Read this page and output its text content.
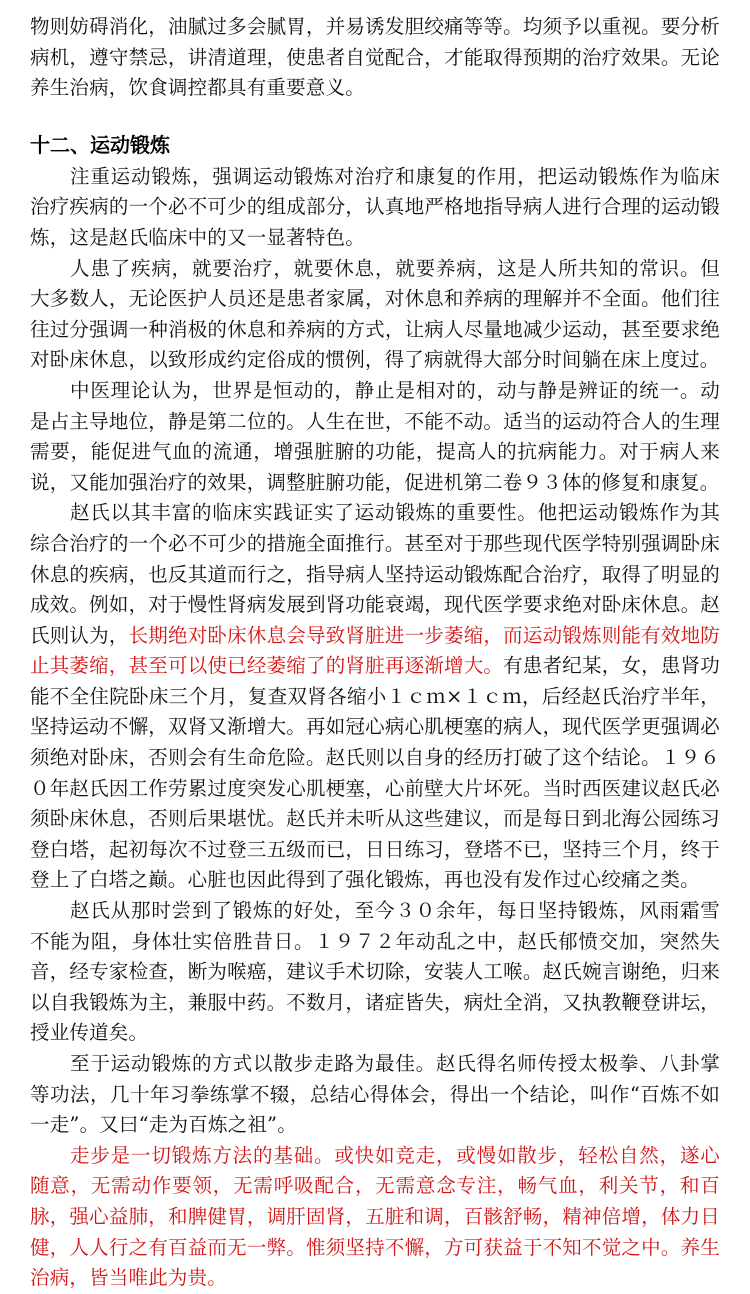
物则妨碍消化，油腻过多会腻胃，并易诱发胆绞痛等等。均须予以重视。要分析病机，遵守禁忌，讲清道理，使患者自觉配合，才能取得预期的治疗效果。无论养生治病，饮食调控都具有重要意义。

十二、运动锻炼

注重运动锻炼，强调运动锻炼对治疗和康复的作用，把运动锻炼作为临床治疗疾病的一个必不可少的组成部分，认真地严格地指导病人进行合理的运动锻炼，这是赵氏临床中的又一显著特色。

人患了疾病，就要治疗，就要休息，就要养病，这是人所共知的常识。但大多数人，无论医护人员还是患者家属，对休息和养病的理解并不全面。他们往往过分强调一种消极的休息和养病的方式，让病人尽量地减少运动，甚至要求绝对卧床休息，以致形成约定俗成的惯例，得了病就得大部分时间躺在床上度过。

中医理论认为，世界是恒动的，静止是相对的，动与静是辨证的统一。动是占主导地位，静是第二位的。人生在世，不能不动。适当的运动符合人的生理需要，能促进气血的流通，增强脏腑的功能，提高人的抗病能力。对于病人来说，又能加强治疗的效果，调整脏腑功能，促进机第二卷９３体的修复和康复。

赵氏以其丰富的临床实践证实了运动锻炼的重要性。他把运动锻炼作为其综合治疗的一个必不可少的措施全面推行。甚至对于那些现代医学特别强调卧床休息的疾病，也反其道而行之，指导病人坚持运动锻炼配合治疗，取得了明显的成效。例如，对于慢性肾病发展到肾功能衰竭，现代医学要求绝对卧床休息。赵氏则认为，长期绝对卧床休息会导致肾脏进一步萎缩，而运动锻炼则能有效地防止其萎缩，甚至可以使已经萎缩了的肾脏再逐渐增大。有患者纪某，女，患肾功能不全住院卧床三个月，复查双肾各缩小１ｃｍ×１ｃｍ，后经赵氏治疗半年，坚持运动不懈，双肾又渐增大。再如冠心病心肌梗塞的病人，现代医学更强调必须绝对卧床，否则会有生命危险。赵氏则以自身的经历打破了这个结论。１９６０年赵氏因工作劳累过度突发心肌梗塞，心前壁大片坏死。当时西医建议赵氏必须卧床休息，否则后果堪忧。赵氏并未听从这些建议，而是每日到北海公园练习登白塔，起初每次不过登三五级而已，日日练习，登塔不已，坚持三个月，终于登上了白塔之巅。心脏也因此得到了强化锻炼，再也没有发作过心绞痛之类。

赵氏从那时尝到了锻炼的好处，至今３０余年，每日坚持锻炼，风雨霜雪不能为阻，身体壮实倍胜昔日。１９７２年动乱之中，赵氏郁愤交加，突然失音，经专家检查，断为喉癌，建议手术切除，安装人工喉。赵氏婉言谢绝，归来以自我锻炼为主，兼服中药。不数月，诸症皆失，病灶全消，又执教鞭登讲坛，授业传道矣。

至于运动锻炼的方式以散步走路为最佳。赵氏得名师传授太极拳、八卦掌等功法，几十年习拳练掌不辍，总结心得体会，得出一个结论，叫作“百炼不如一走”。又曰“走为百炼之祖”。

走步是一切锻炼方法的基础。或快如竞走，或慢如散步，轻松自然，遂心随意，无需动作要领，无需呼吸配合，无需意念专注，畅气血，利关节，和百脉，强心益肺，和脾健胃，调肝固肾，五脏和调，百骸舒畅，精神倍增，体力日健，人人行之有百益而无一弊。惟须坚持不懈，方可获益于不知不觉之中。养生治病，皆当唯此为贵。
